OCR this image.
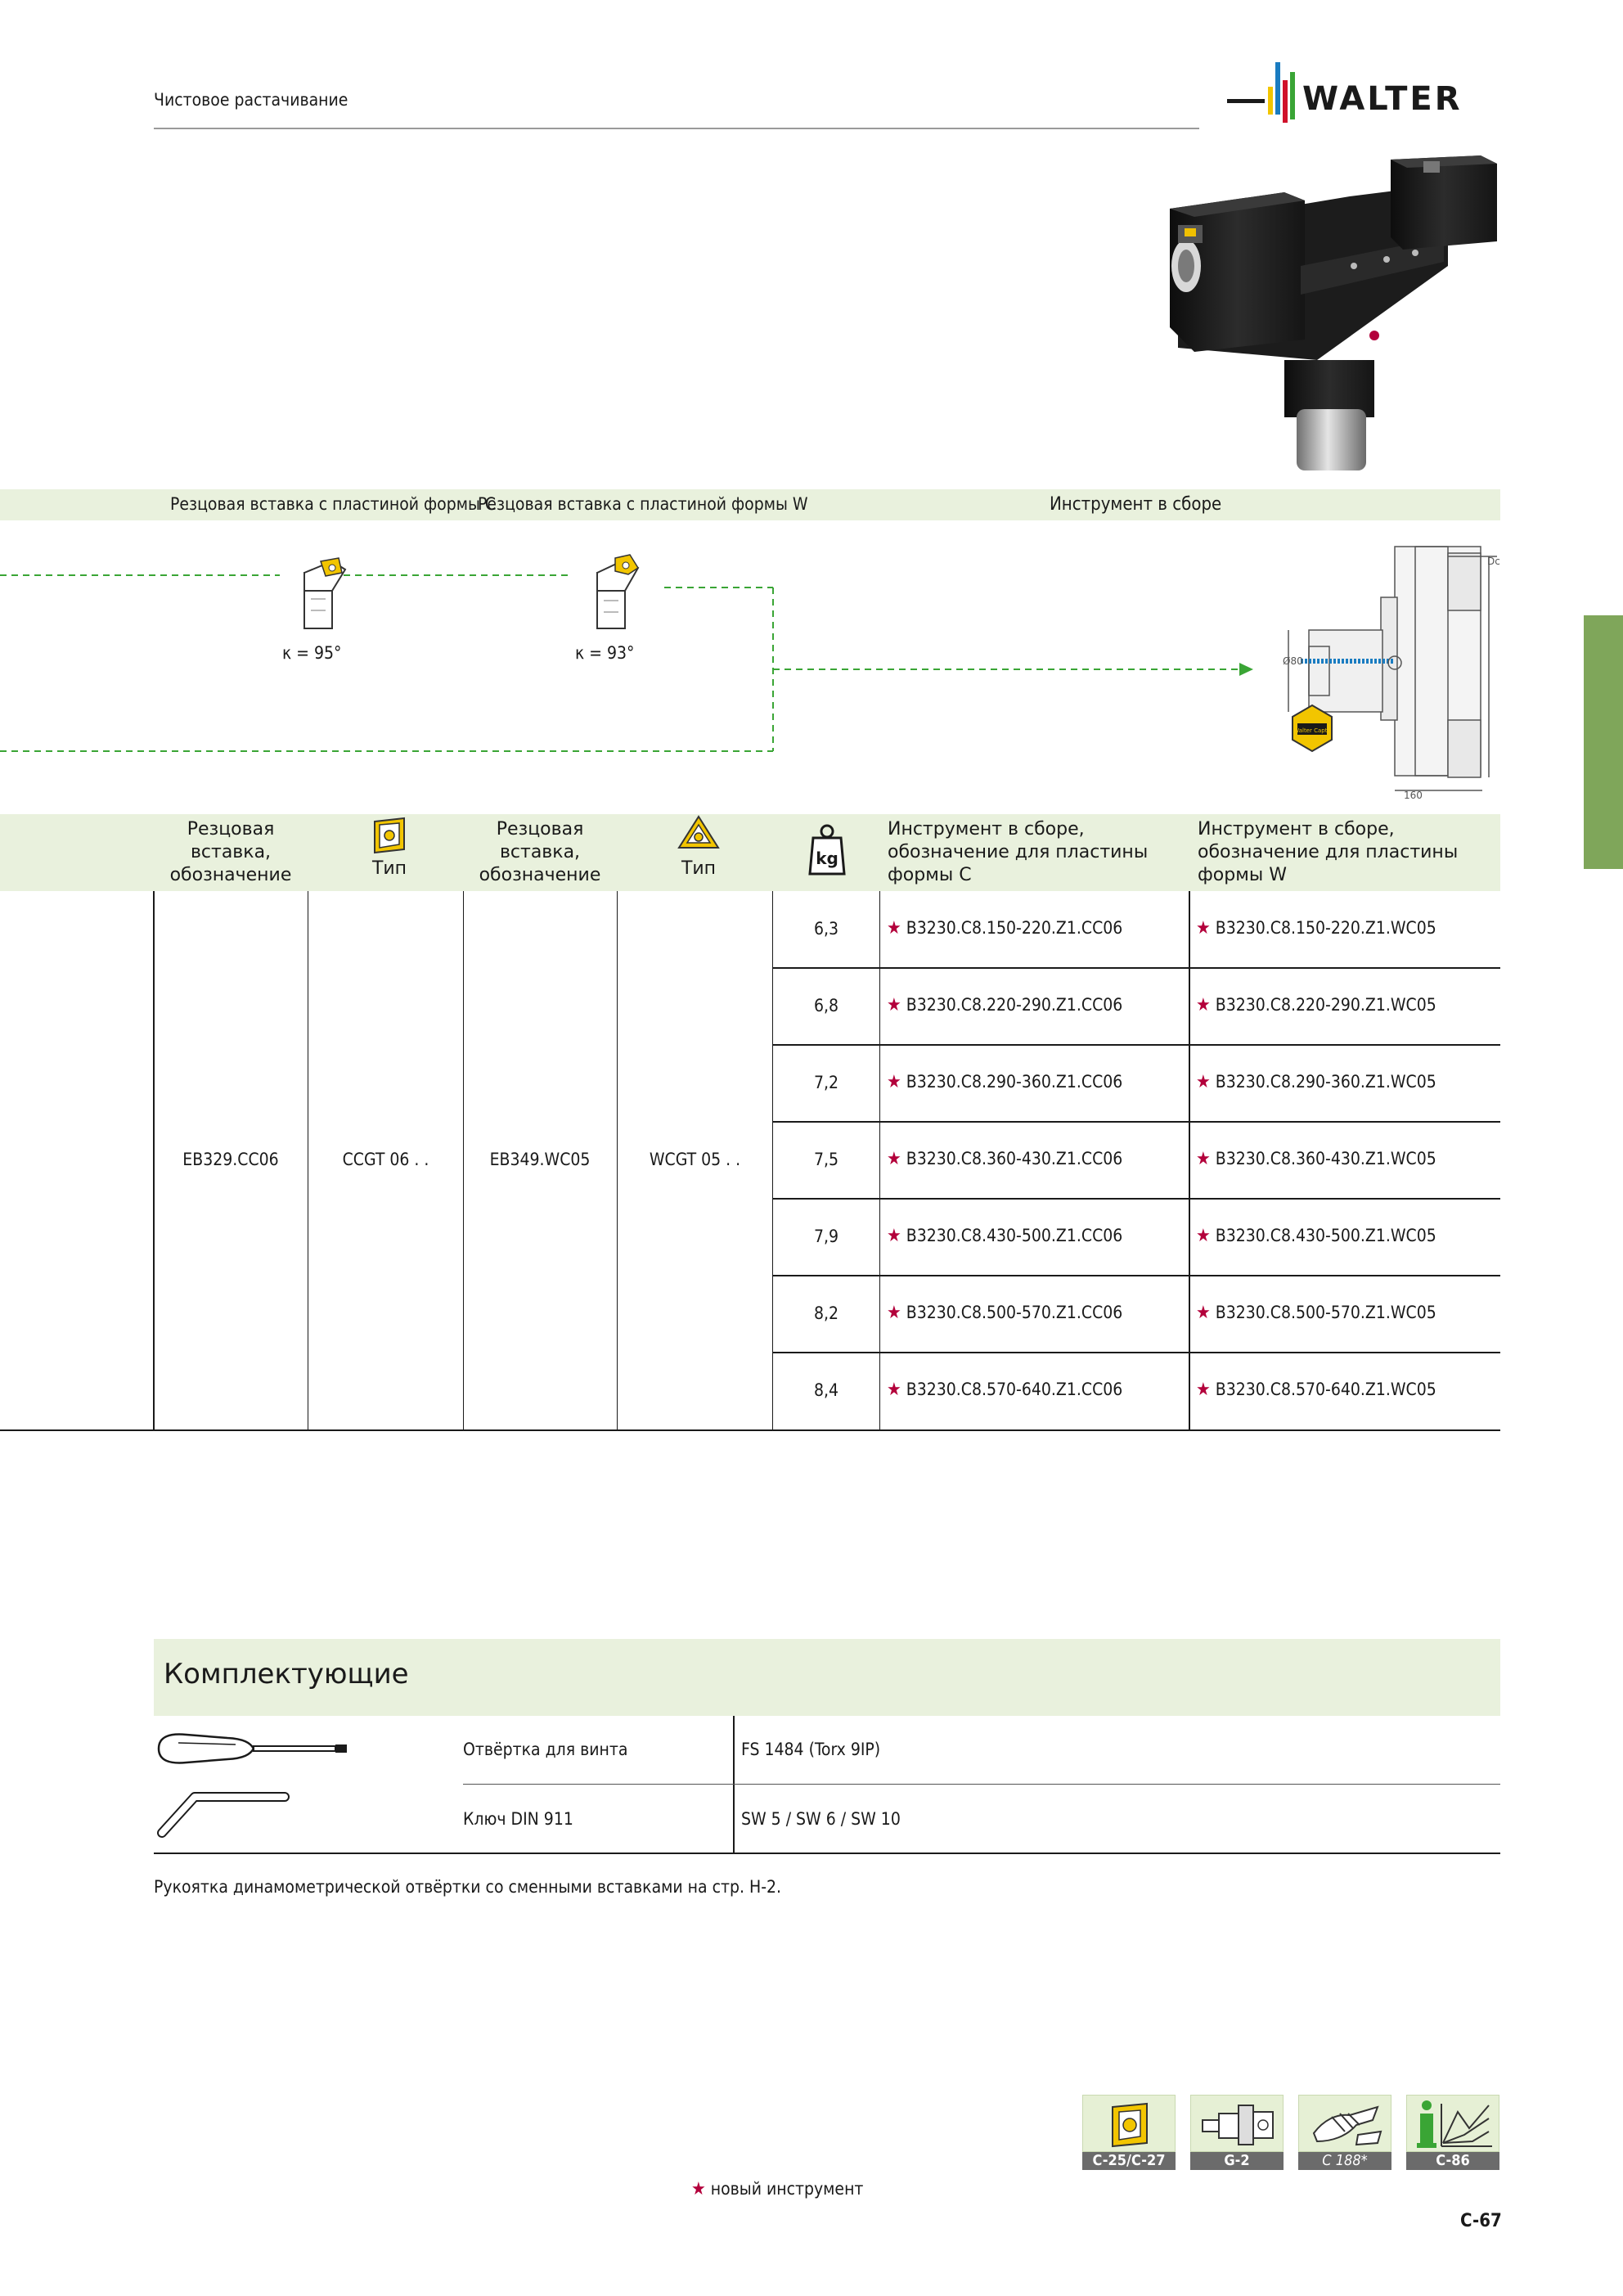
Чистовое растачивание	WALTER
Резцовая вставка с пластиной формы C
Резцовая вставка с пластиной формы W	Инструмент в сборе
Dc
Ø80
160
Walter Capto
κ = 95°	κ = 93°
Резцовая
вставка,
обозначение	Тип
Резцовая
вставка,
обозначение	Тип	kg
Инструмент в сборе,
обозначение для пластины
формы C
Инструмент в сборе,
обозначение для пластины
формы W
EB329.CC06	CCGT 06 . .	EB349.WC05	WCGT 05 . .
6,3	★ B3230.C8.150-220.Z1.CC06	★ B3230.C8.150-220.Z1.WC05
6,8	★ B3230.C8.220-290.Z1.CC06	★ B3230.C8.220-290.Z1.WC05
7,2	★ B3230.C8.290-360.Z1.CC06	★ B3230.C8.290-360.Z1.WC05
7,5	★ B3230.C8.360-430.Z1.CC06	★ B3230.C8.360-430.Z1.WC05
7,9	★ B3230.C8.430-500.Z1.CC06	★ B3230.C8.430-500.Z1.WC05
8,2	★ B3230.C8.500-570.Z1.CC06	★ B3230.C8.500-570.Z1.WC05
8,4	★ B3230.C8.570-640.Z1.CC06	★ B3230.C8.570-640.Z1.WC05
Комплектующие
Отвёртка для винта	FS 1484 (Torx 9IP)
Ключ DIN 911	SW 5 / SW 6 / SW 10
Рукоятка динамометрической отвёртки со сменными вставками на стр. H-2.
C-25/C-27	G-2	C 188*	C-86
★ новый инструмент
C-67
